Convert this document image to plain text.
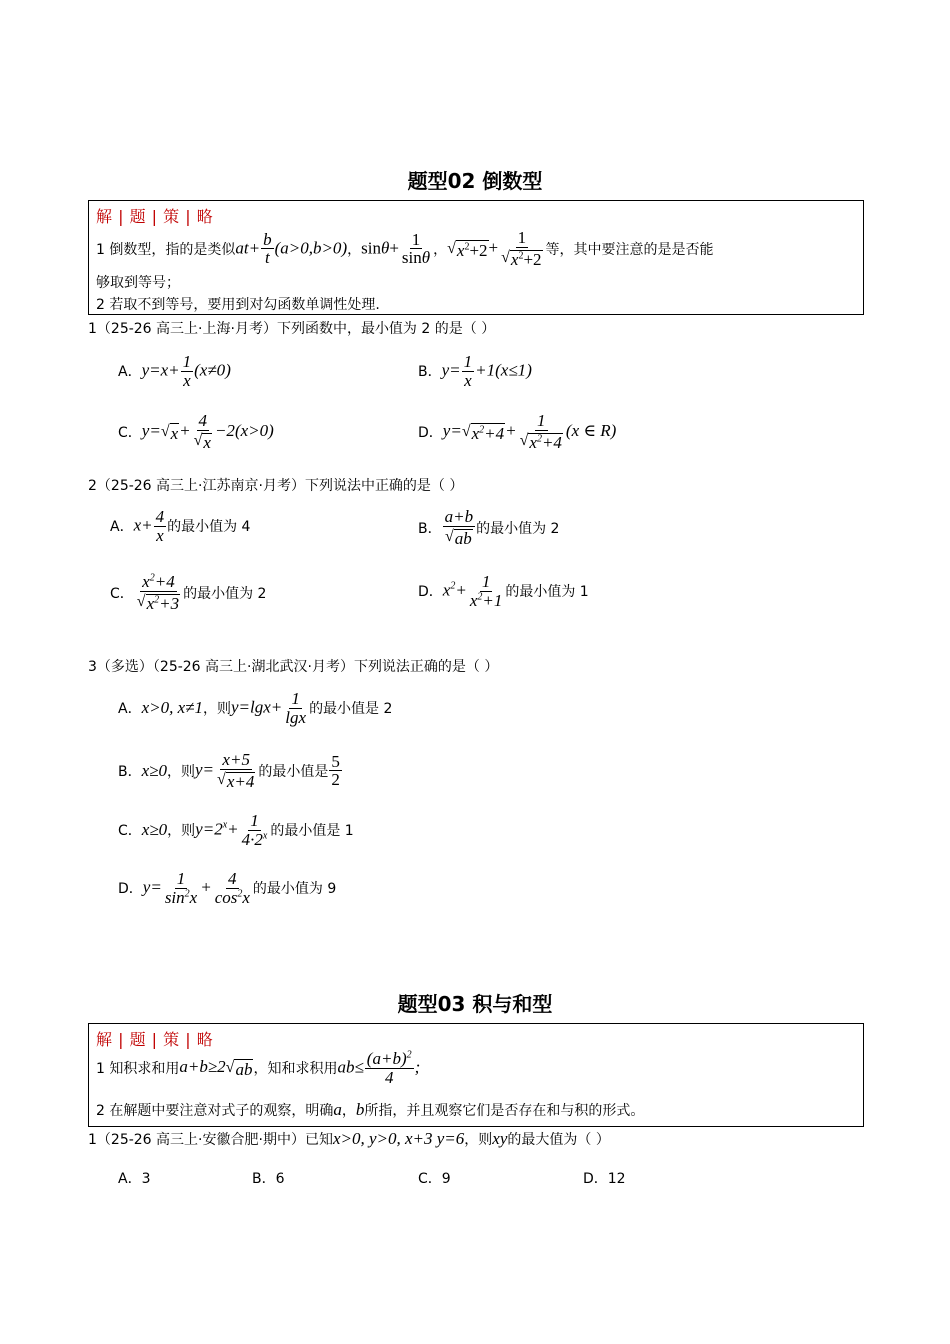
题型02 倒数型
解 | 题 | 策 | 略
1 倒数型，指的是类似 $at+ \frac{b}{t} (a>0,b>0)$ ， $\sin\theta+ \frac{1}{\sin\theta}$ ， √ $x^2+2 + \frac{1}{√ x^2+2}$ 等，其中要注意的是是否能
够取到等号；
2 若取不到等号，要用到对勾函数单调性处理.
1（25-26 高三上·上海·月考）下列函数中，最小值为 2 的是（ ）
A． $y=x+ \frac{1}{x} (x\ne 0)$	B． $y= \frac{1}{x} +1(x\le 1)$
C． y= √ $x + \frac{4}{√ x} -2(x>0)$	D． y= √ $x^2+4 + \frac{1}{√ x^2+4} (x$ ∈ R)
2（25-26 高三上·江苏南京·月考）下列说法中正确的是（ ）
A． $x+ \frac{4}{x}$ 的最小值为 4	B． $\frac{a+b}{√ ab}$ 的最小值为 2
C． $\frac{x^2+4}{√ x^2+3}$ 的最小值为 2	D． $x^2+ \frac{1}{x^2+1}$ 的最小值为 1
3（多选）（25-26 高三上·湖北武汉·月考）下列说法正确的是（ ）
A． x>0, x≠1 ，则 $y=\lg x+ \frac{1}{\lg x}$ 的最小值是 2
B． x≥0 ，则 $y= \frac{x+5}{√ x+4}$ 的最小值是 $\frac{5}{2}$
C． x≥0 ，则 $y=2^x+ \frac{1}{4\cdot 2^x}$ 的最小值是 1
D． $y= \frac{1}{\sin^2x} + \frac{4}{\cos^2x}$ 的最小值为 9
题型03 积与和型
解 | 题 | 策 | 略
1 知积求和用 a+b≥2 √ ab ，知和求积用 $ab\le \frac{(a+b)^2}{4}$ ;
2 在解题中要注意对式子的观察，明确 a ， b 所指，并且观察它们是否存在和与积的形式。
1（25-26 高三上·安徽合肥·期中）已知 x>0, y>0, x+3 y=6 ，则 xy 的最大值为（ ）
A．3	B．6	C．9	D．12
